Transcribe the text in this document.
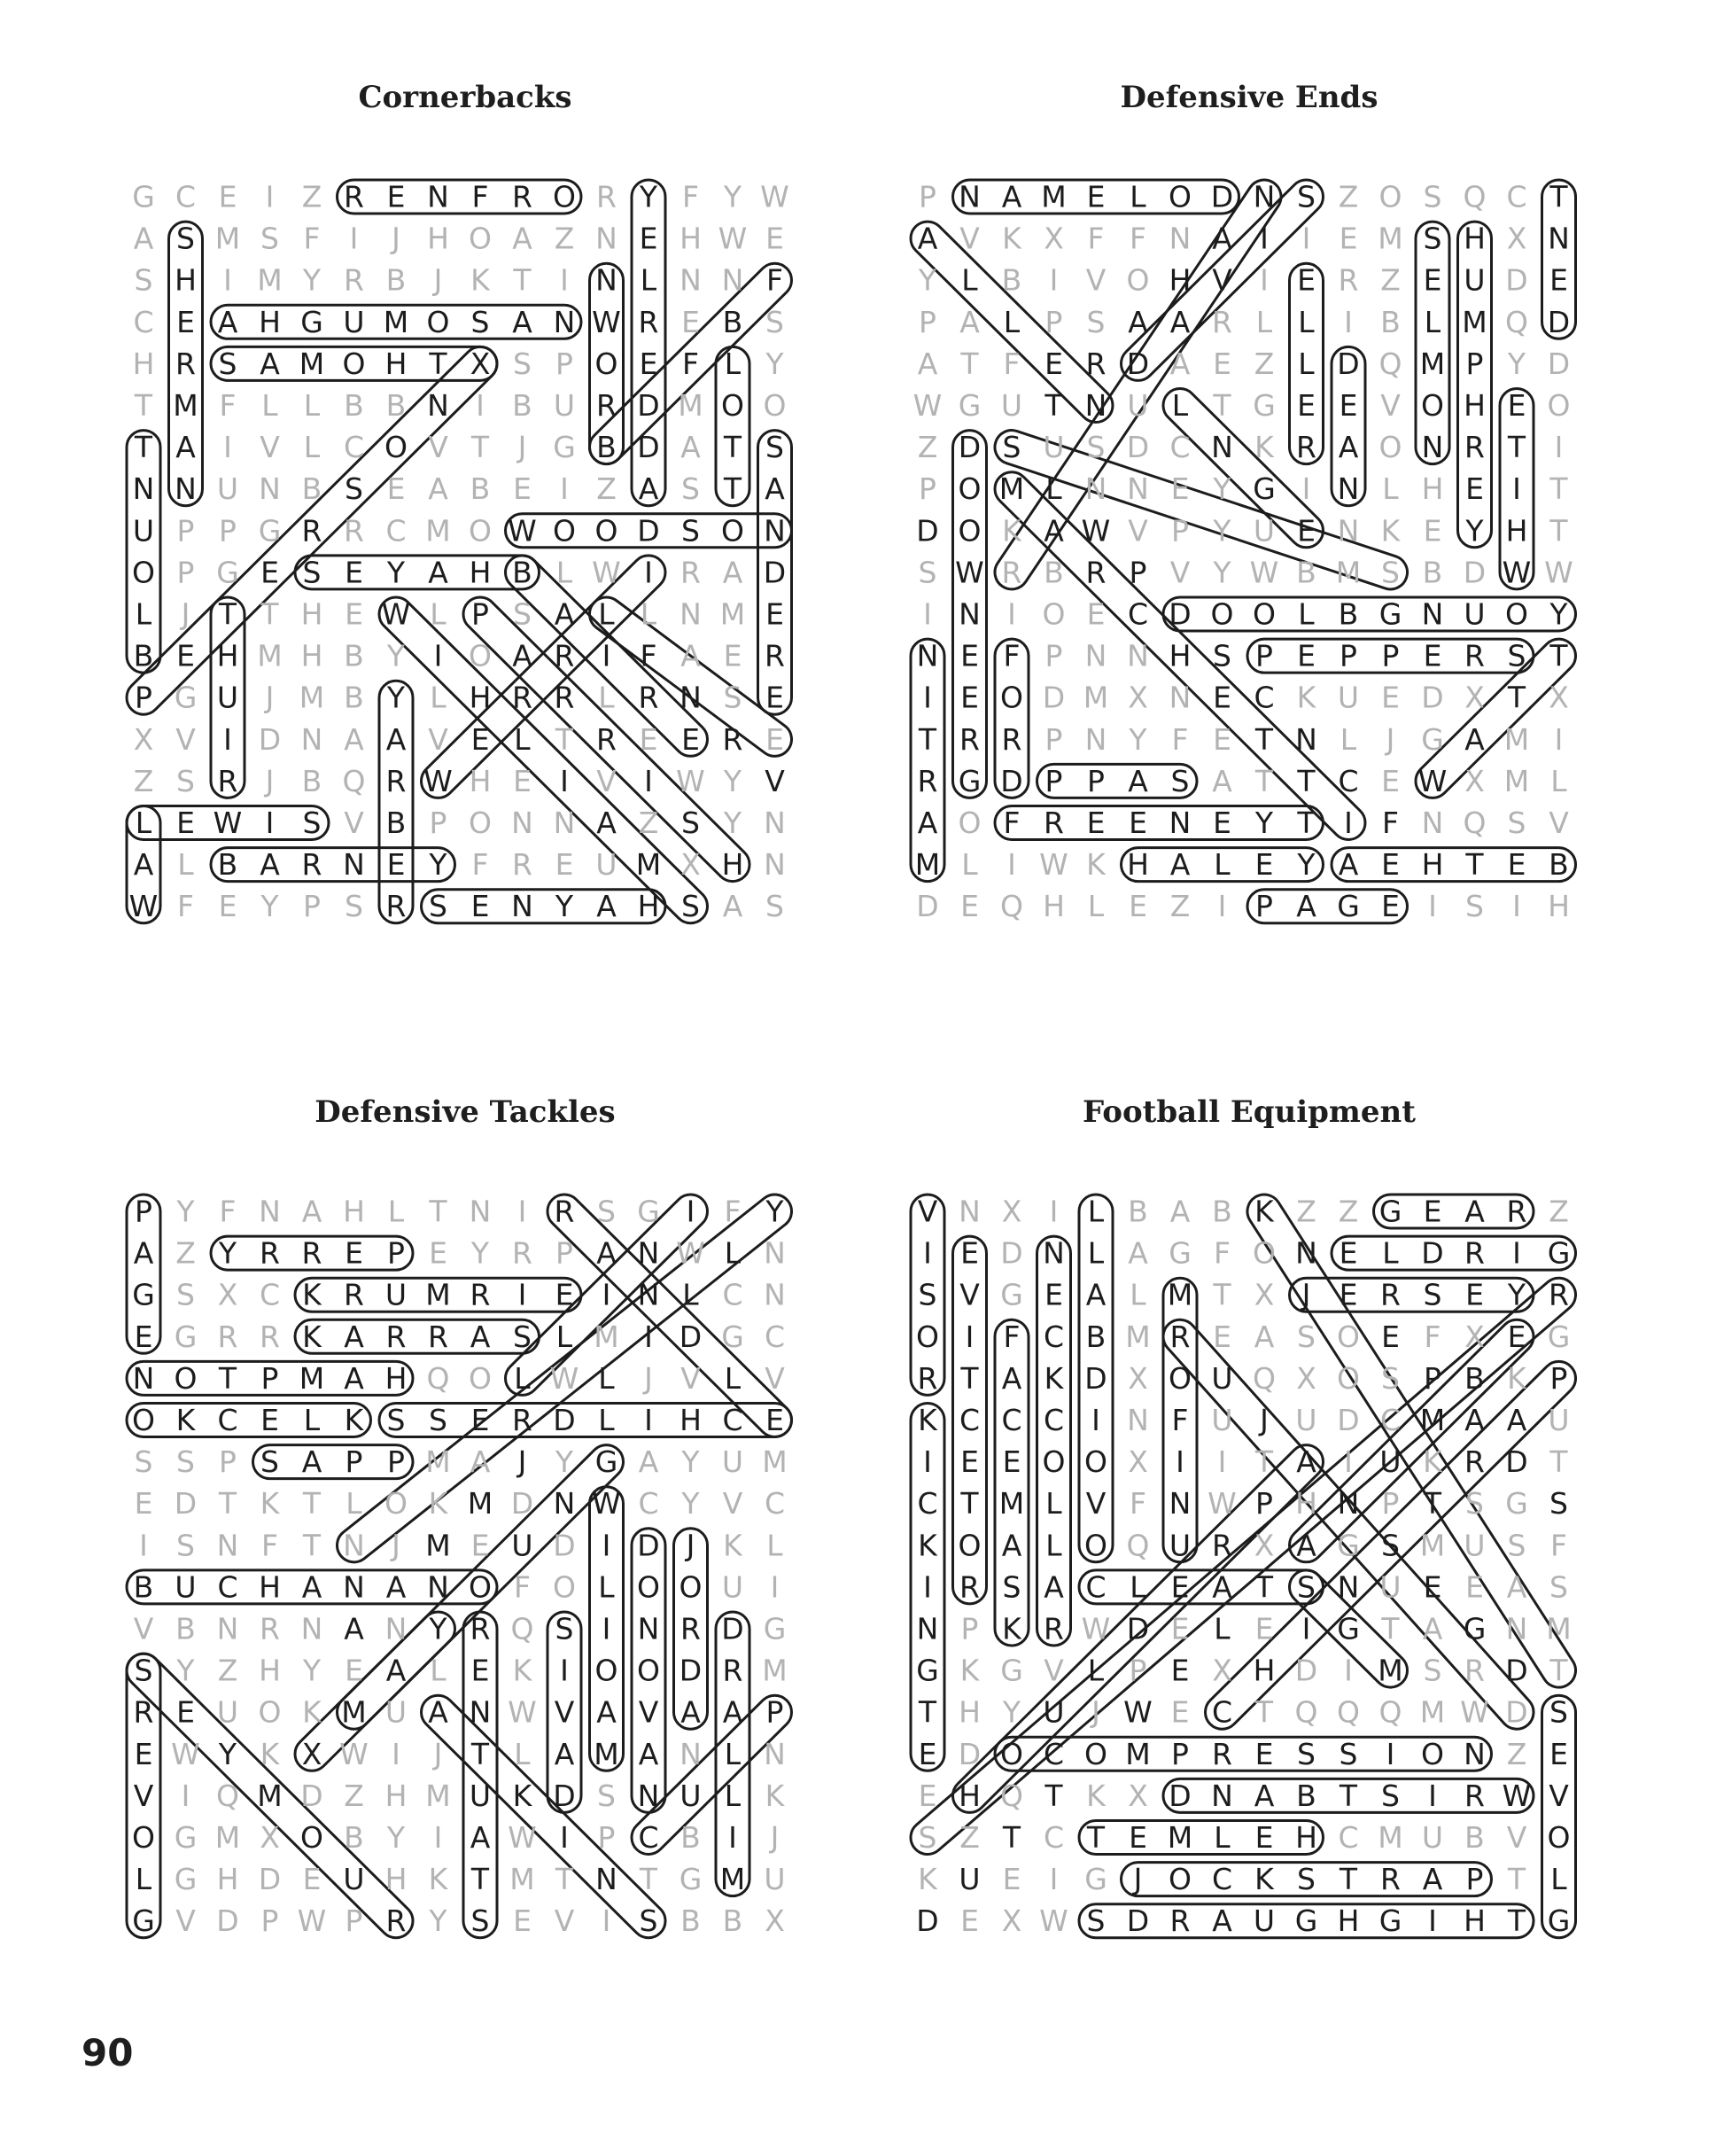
Cornerbacks
G C E I Z R E N F R O R Y F Y W
A S M S F I J H O A Z N E H W E
S H I M Y R B J K T I N L N N F
C E A H G U M O S A N W R E B S
H R S A M O H T X S P O E F L Y
T M F L L B B N I B U R D M O O
T A I V L C O V T J G B D A T S
N N U N B S E A B E I Z A S T A
U P P G R R C M O W O O D S O N
O P G E S E Y A H B L W I R A D
L J T T H E W L P S A L L N M E
B E H M H B Y I O A R I F A E R
P G U J M B Y L H R R L R N S E
X V I D N A A V E L T R E E R E
Z S R J B Q R W H E I V I W Y V
L E W I S V B P O N N A Z S Y N
A L B A R N E Y F R E U M X H N
W F E Y P S R S E N Y A H S A S
Defensive Ends
P N A M E L O D N S Z O S Q C T
A V K X F F N A I I E M S H X N
Y L B I V O H V I E R Z E U D E
P A L P S A A R L L I B L M Q D
A T F E R D A E Z L D Q M P Y D
W G U T N U L T G E E V O H E O
Z D S U S D C N K R A O N R T I
P O M L N N E Y G I N L H E I T
D O K A W V P Y U E N K E Y H T
S W R B R P V Y W B M S B D W W
I N I O E C D O O L B G N U O Y
N E F P N N H S P E P P E R S T
I E O D M X N E C K U E D X T X
T R R P N Y F E T N L J G A M I
R G D P P A S A T T C E W X M L
A O F R E E N E Y T I F N Q S V
M L I W K H A L E Y A E H T E B
D E Q H L E Z I P A G E I S I H
Defensive Tackles
P Y F N A H L T N I R S G I F Y
A Z Y R R E P E Y R P A N W L N
G S X C K R U M R I E I N L C N
E G R R K A R R A S L M I D G C
N O T P M A H Q O L W L J V L V
O K C E L K S S E R D L I H C E
S S P S A P P M A J Y G A Y U M
E D T K T L O K M D N W C Y V C
I S N F T N J M E U D I D J K L
B U C H A N A N O F O L O O U I
V B N R N A N Y R Q S I N R D G
S Y Z H Y E A L E K I O O D R M
R E U O K M U A N W V A V A A P
E W Y K X W I J T L A M A N L N
V I Q M D Z H M U K D S N U L K
O G M X O B Y I A W I P C B I J
L G H D E U H K T M T N T G M U
G V D P W P R Y S E V I S B B X
Football Equipment
V N X I L B A B K Z Z G E A R Z
I E D N L A G F O N E L D R I G
S V G E A L M T X J E R S E Y R
O I F C B M R E A S O E F X E G
R T A K D X O U Q X O S P B K P
K C C C I N F U J U D C M A A U
I E E O O X I I T A I U K R D T
C T M L V F N W P H N P T S G S
K O A L O Q U R X A G S M U S F
I R S A C L E A T S N U E E A S
N P K R W D E L E I G T A G N M
G K G V L P E X H D I M S R D T
T H Y U J W E C T Q Q Q M W D S
E D O C O M P R E S S I O N Z E
E H Q T K X D N A B T S I R W V
S Z T C T E M L E H C M U B V O
K U E I G J O C K S T R A P T L
D E X W S D R A U G H G I H T G
90
